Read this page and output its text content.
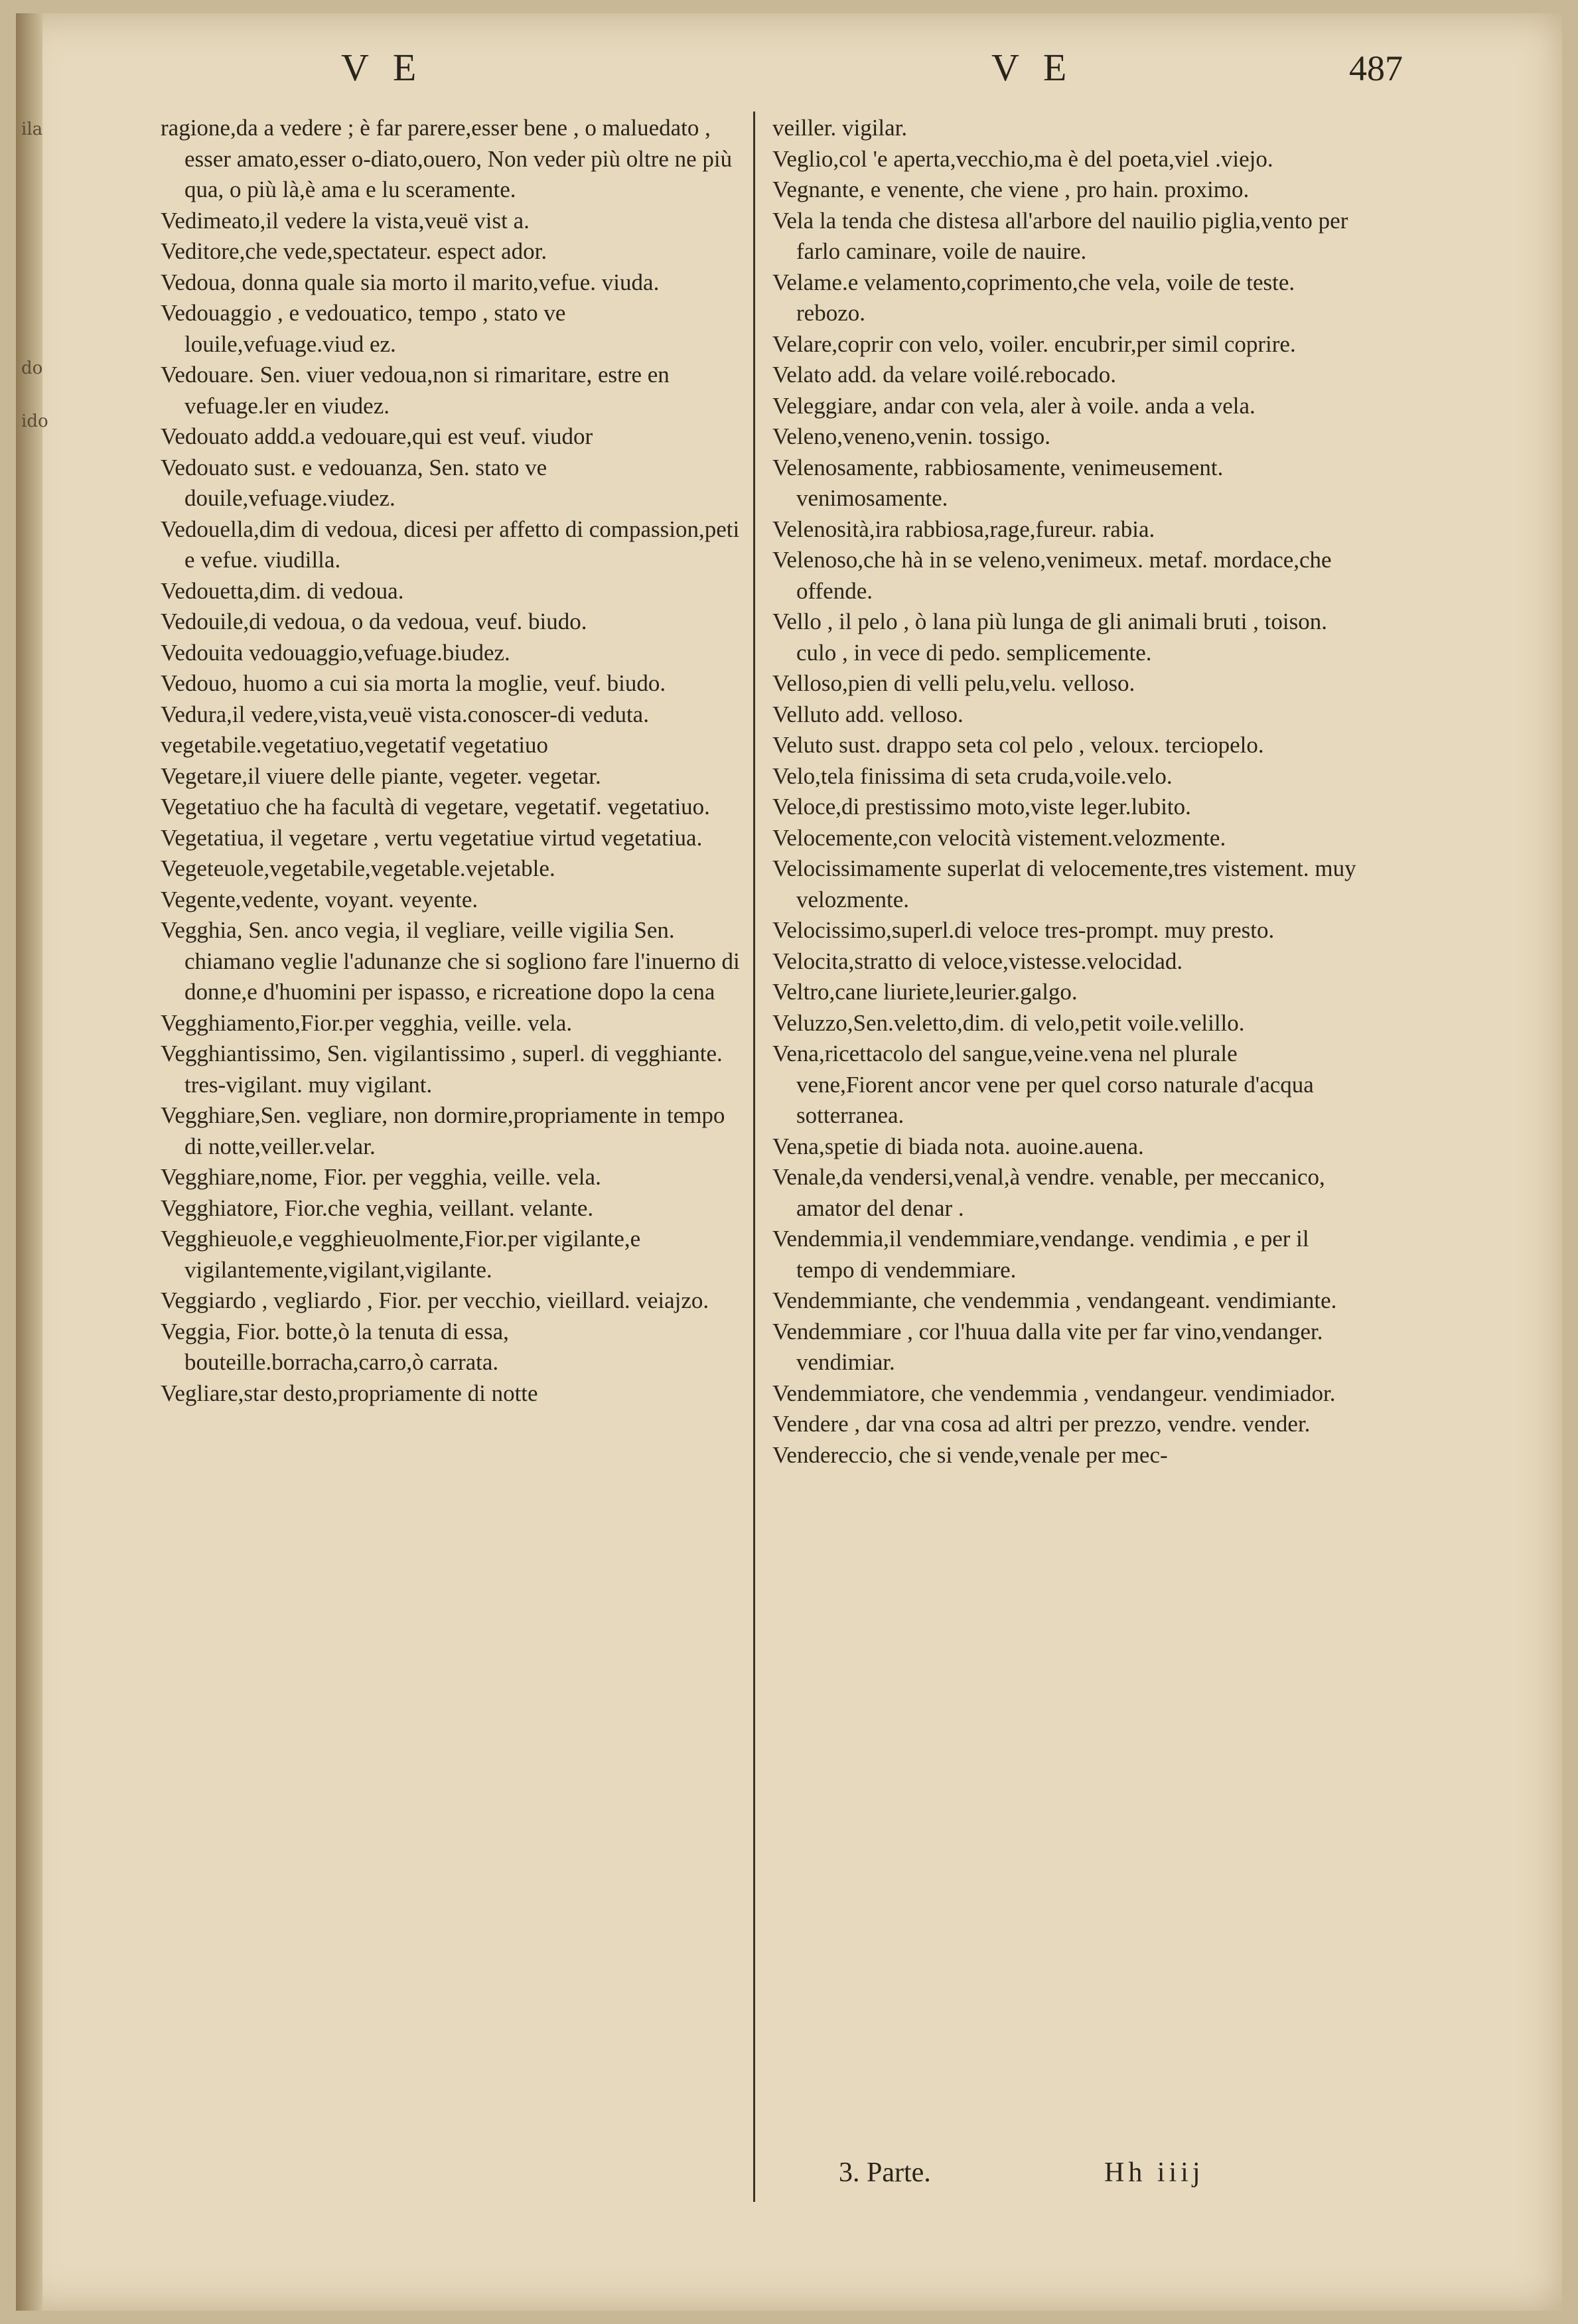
ila
do
ido
VE	VE	487

ragione,da a vedere ; è far parere,esser bene , o maluedato , esser amato,esser o-diato,ouero, Non veder più oltre ne più qua, o più là,è ama e lu sceramente.

Vedimeato,il vedere la vista,veuë vist a.

Veditore,che vede,spectateur. espect ador.

Vedoua, donna quale sia morto il marito,vefue. viuda.

Vedouaggio , e vedouatico, tempo , stato ve louile,vefuage.viud ez.

Vedouare. Sen. viuer vedoua,non si rimaritare, estre en vefuage.ler en viudez.

Vedouato addd.a vedouare,qui est veuf. viudor

Vedouato sust. e vedouanza, Sen. stato ve douile,vefuage.viudez.

Vedouella,dim di vedoua, dicesi per affetto di compassion,peti e vefue. viudilla.

Vedouetta,dim. di vedoua.

Vedouile,di vedoua, o da vedoua, veuf. biudo.

Vedouita vedouaggio,vefuage.biudez.

Vedouo, huomo a cui sia morta la moglie, veuf. biudo.

Vedura,il vedere,vista,veuë vista.conoscer-di veduta.

vegetabile.vegetatiuo,vegetatif vegetatiuo

Vegetare,il viuere delle piante, vegeter. vegetar.

Vegetatiuo che ha facultà di vegetare, vegetatif. vegetatiuo.

Vegetatiua, il vegetare , vertu vegetatiue virtud vegetatiua.

Vegeteuole,vegetabile,vegetable.vejetable.

Vegente,vedente, voyant. veyente.

Vegghia, Sen. anco vegia, il vegliare, veille vigilia Sen. chiamano veglie l'adunanze che si sogliono fare l'inuerno di donne,e d'huomini per ispasso, e ricreatione dopo la cena

Vegghiamento,Fior.per vegghia, veille. vela.

Vegghiantissimo, Sen. vigilantissimo , superl. di vegghiante. tres-vigilant. muy vigilant.

Vegghiare,Sen. vegliare, non dormire,propriamente in tempo di notte,veiller.velar.

Vegghiare,nome, Fior. per vegghia, veille. vela.

Vegghiatore, Fior.che veghia, veillant. velante.

Vegghieuole,e vegghieuolmente,Fior.per vigilante,e vigilantemente,vigilant,vigilante.

Veggiardo , vegliardo , Fior. per vecchio, vieillard. veiajzo.

Veggia, Fior. botte,ò la tenuta di essa, bouteille.borracha,carro,ò carrata.

Vegliare,star desto,propriamente di notte

veiller. vigilar.

Veglio,col 'e aperta,vecchio,ma è del poeta,viel .viejo.

Vegnante, e venente, che viene , pro hain. proximo.

Vela la tenda che distesa all'arbore del nauilio piglia,vento per farlo caminare, voile de nauire.

Velame.e velamento,coprimento,che vela, voile de teste. rebozo.

Velare,coprir con velo, voiler. encubrir,per simil coprire.

Velato add. da velare voilé.rebocado.

Veleggiare, andar con vela, aler à voile. anda a vela.

Veleno,veneno,venin. tossigo.

Velenosamente, rabbiosamente, venimeusement. venimosamente.

Velenosità,ira rabbiosa,rage,fureur. rabia.

Velenoso,che hà in se veleno,venimeux. metaf. mordace,che offende.

Vello , il pelo , ò lana più lunga de gli animali bruti , toison. culo , in vece di pedo. semplicemente.

Velloso,pien di velli pelu,velu. velloso.

Velluto add. velloso.

Veluto sust. drappo seta col pelo , veloux. terciopelo.

Velo,tela finissima di seta cruda,voile.velo.

Veloce,di prestissimo moto,viste leger.lubito.

Velocemente,con velocità vistement.velozmente.

Velocissimamente superlat di velocemente,tres vistement. muy velozmente.

Velocissimo,superl.di veloce tres-prompt. muy presto.

Velocita,stratto di veloce,vistesse.velocidad.

Veltro,cane liuriete,leurier.galgo.

Veluzzo,Sen.veletto,dim. di velo,petit voile.velillo.

Vena,ricettacolo del sangue,veine.vena nel plurale vene,Fiorent ancor vene per quel corso naturale d'acqua sotterranea.

Vena,spetie di biada nota. auoine.auena.

Venale,da vendersi,venal,à vendre. venable, per meccanico, amator del denar .

Vendemmia,il vendemmiare,vendange. vendimia , e per il tempo di vendemmiare.

Vendemmiante, che vendemmia , vendangeant. vendimiante.

Vendemmiare , cor l'huua dalla vite per far vino,vendanger. vendimiar.

Vendemmiatore, che vendemmia , vendangeur. vendimiador.

Vendere , dar vna cosa ad altri per prezzo, vendre. vender.

Vendereccio, che si vende,venale per mec-

3. Parte.	Hh iiij
